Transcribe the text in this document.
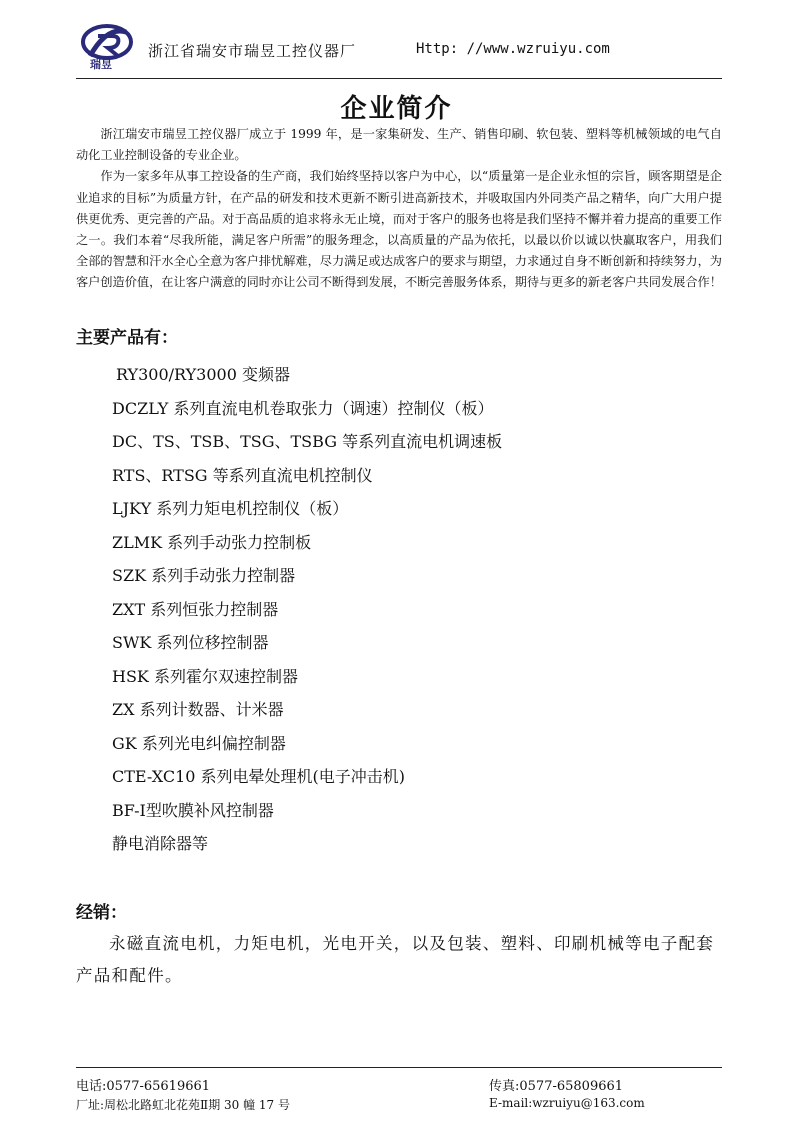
瑞昱
浙江省瑞安市瑞昱工控仪器厂	Http: //www.wzruiyu.com
企业简介

浙江瑞安市瑞昱工控仪器厂成立于 1999 年，是一家集研发、生产、销售印刷、软包装、塑料等机械领域的电气自动化工业控制设备的专业企业。

作为一家多年从事工控设备的生产商，我们始终坚持以客户为中心，以“质量第一是企业永恒的宗旨，顾客期望是企业追求的目标”为质量方针，在产品的研发和技术更新不断引进高新技术，并吸取国内外同类产品之精华，向广大用户提供更优秀、更完善的产品。对于高品质的追求将永无止境，而对于客户的服务也将是我们坚持不懈并着力提高的重要工作之一。我们本着“尽我所能，满足客户所需”的服务理念，以高质量的产品为依托，以最以价以诚以快赢取客户，用我们全部的智慧和汗水全心全意为客户排忧解难，尽力满足或达成客户的要求与期望，力求通过自身不断创新和持续努力，为客户创造价值，在让客户满意的同时亦让公司不断得到发展，不断完善服务体系，期待与更多的新老客户共同发展合作！

主要产品有：
RY300/RY3000 变频器
DCZLY 系列直流电机卷取张力（调速）控制仪（板）
DC、TS、TSB、TSG、TSBG 等系列直流电机调速板
RTS、RTSG 等系列直流电机控制仪
LJKY 系列力矩电机控制仪（板）
ZLMK 系列手动张力控制板
SZK 系列手动张力控制器
ZXT 系列恒张力控制器
SWK 系列位移控制器
HSK 系列霍尔双速控制器
ZX 系列计数器、计米器
GK 系列光电纠偏控制器
CTE-XC10 系列电晕处理机(电子冲击机)
BF-Ⅰ型吹膜补风控制器
静电消除器等
经销：

永磁直流电机，力矩电机，光电开关，以及包装、塑料、印刷机械等电子配套产品和配件。

电话:0577-65619661	传真:0577-65809661
厂址:周松北路虹北花苑Ⅱ期 30 幢 17 号	E-mail:wzruiyu@163.com
